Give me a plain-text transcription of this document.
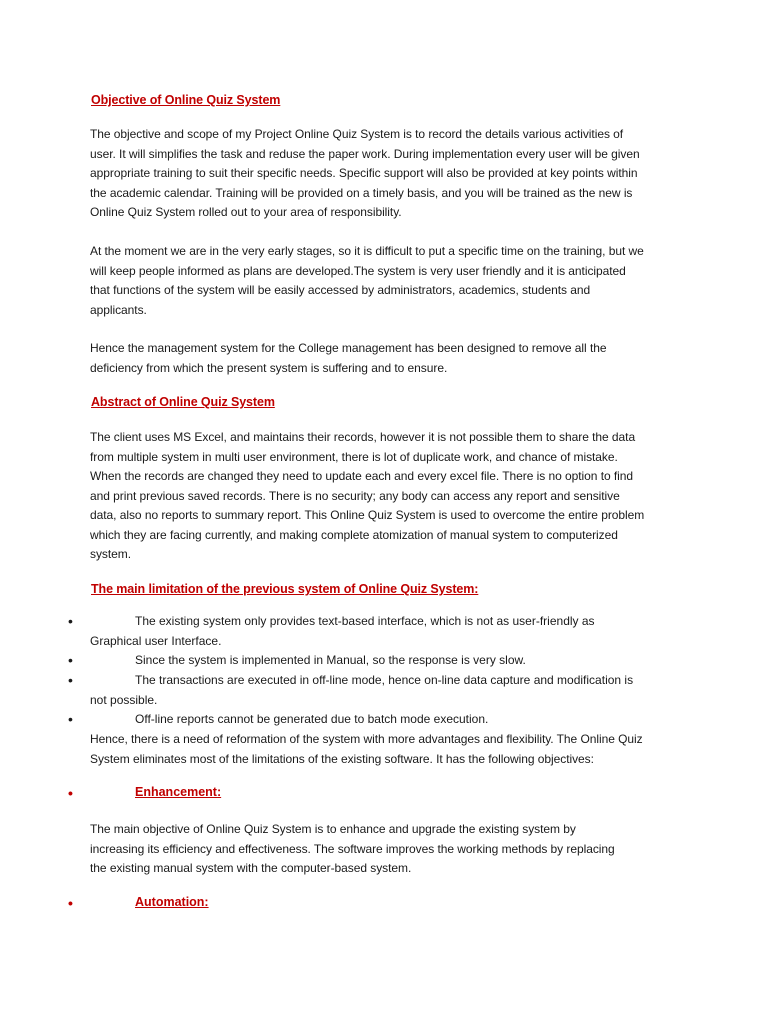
Objective of Online Quiz System

The objective and scope of my Project Online Quiz System is to record the details various activities of
user. It will simplifies the task and reduse the paper work. During implementation every user will be given
appropriate training to suit their specific needs. Specific support will also be provided at key points within
the academic calendar. Training will be provided on a timely basis, and you will be trained as the new is
Online Quiz System rolled out to your area of responsibility.

At the moment we are in the very early stages, so it is difficult to put a specific time on the training, but we
will keep people informed as plans are developed.The system is very user friendly and it is anticipated
that functions of the system will be easily accessed by administrators, academics, students and
applicants.

Hence the management system for the College management has been designed to remove all the
deficiency from which the present system is suffering and to ensure.

Abstract of Online Quiz System

The client uses MS Excel, and maintains their records, however it is not possible them to share the data
from multiple system in multi user environment, there is lot of duplicate work, and chance of mistake.
When the records are changed they need to update each and every excel file. There is no option to find
and print previous saved records. There is no security; any body can access any report and sensitive
data, also no reports to summary report. This Online Quiz System is used to overcome the entire problem
which they are facing currently, and making complete atomization of manual system to computerized
system.

The main limitation of the previous system of Online Quiz System:

•	The existing system only provides text-based interface, which is not as user-friendly as
Graphical user Interface.
•	Since the system is implemented in Manual, so the response is very slow.
•	The transactions are executed in off-line mode, hence on-line data capture and modification is
not possible.
•	Off-line reports cannot be generated due to batch mode execution.

Hence, there is a need of reformation of the system with more advantages and flexibility. The Online Quiz
System eliminates most of the limitations of the existing software. It has the following objectives:

•	Enhancement:

The main objective of Online Quiz System is to enhance and upgrade the existing system by
increasing its efficiency and effectiveness. The software improves the working methods by replacing
the existing manual system with the computer-based system.

•	Automation:
